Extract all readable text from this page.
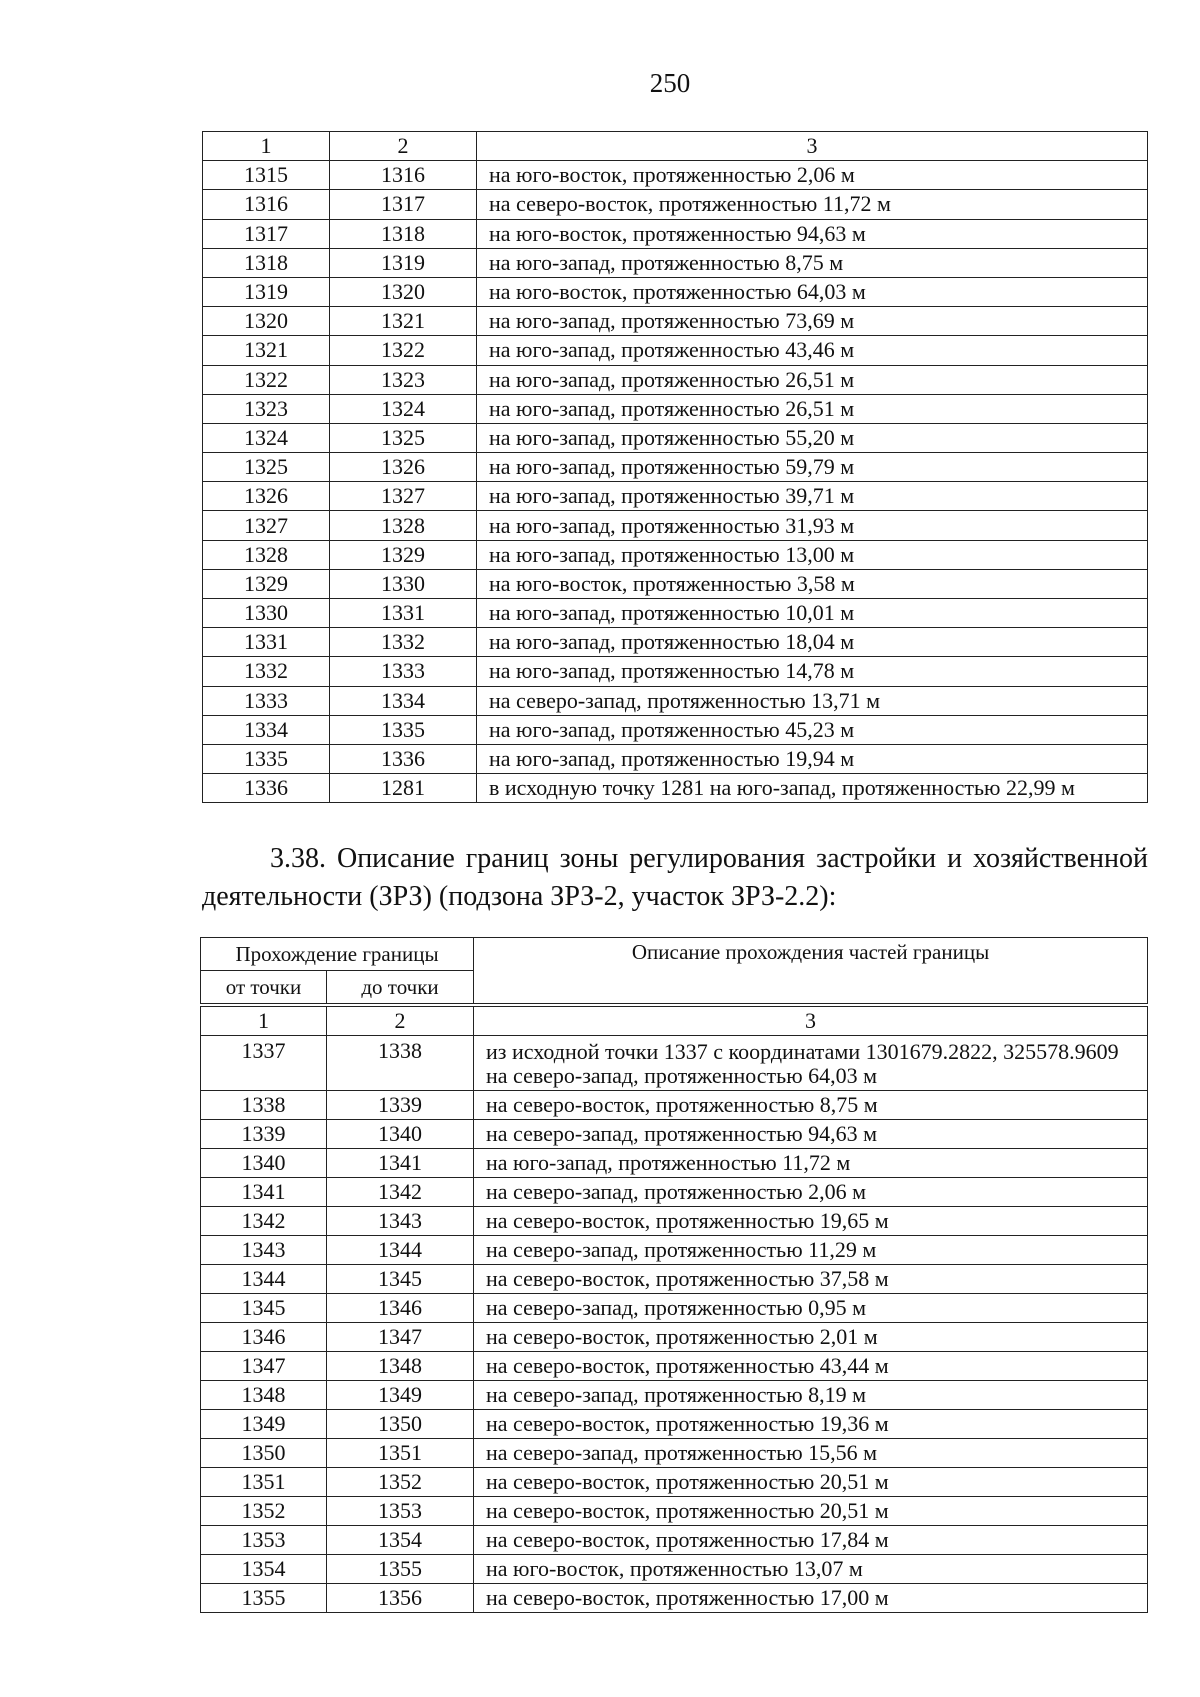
250
1	2	3
1315	1316	на юго-восток, протяженностью 2,06 м
1316	1317	на северо-восток, протяженностью 11,72 м
1317	1318	на юго-восток, протяженностью 94,63 м
1318	1319	на юго-запад, протяженностью 8,75 м
1319	1320	на юго-восток, протяженностью 64,03 м
1320	1321	на юго-запад, протяженностью 73,69 м
1321	1322	на юго-запад, протяженностью 43,46 м
1322	1323	на юго-запад, протяженностью 26,51 м
1323	1324	на юго-запад, протяженностью 26,51 м
1324	1325	на юго-запад, протяженностью 55,20 м
1325	1326	на юго-запад, протяженностью 59,79 м
1326	1327	на юго-запад, протяженностью 39,71 м
1327	1328	на юго-запад, протяженностью 31,93 м
1328	1329	на юго-запад, протяженностью 13,00 м
1329	1330	на юго-восток, протяженностью 3,58 м
1330	1331	на юго-запад, протяженностью 10,01 м
1331	1332	на юго-запад, протяженностью 18,04 м
1332	1333	на юго-запад, протяженностью 14,78 м
1333	1334	на северо-запад, протяженностью 13,71 м
1334	1335	на юго-запад, протяженностью 45,23 м
1335	1336	на юго-запад, протяженностью 19,94 м
1336	1281	в исходную точку 1281 на юго-запад, протяженностью 22,99 м
3.38. Описание границ зоны регулирования застройки и хозяйственной
деятельности (ЗРЗ) (подзона ЗРЗ-2, участок ЗРЗ-2.2):
Прохождение границы		Описание прохождения частей границы
от точки	до точки	
1	2	3
1337	1338	из исходной точки 1337 с координатами 1301679.2822, 325578.9609 на северо-запад, протяженностью 64,03 м
1338	1339	на северо-восток, протяженностью 8,75 м
1339	1340	на северо-запад, протяженностью 94,63 м
1340	1341	на юго-запад, протяженностью 11,72 м
1341	1342	на северо-запад, протяженностью 2,06 м
1342	1343	на северо-восток, протяженностью 19,65 м
1343	1344	на северо-запад, протяженностью 11,29 м
1344	1345	на северо-восток, протяженностью 37,58 м
1345	1346	на северо-запад, протяженностью 0,95 м
1346	1347	на северо-восток, протяженностью 2,01 м
1347	1348	на северо-восток, протяженностью 43,44 м
1348	1349	на северо-запад, протяженностью 8,19 м
1349	1350	на северо-восток, протяженностью 19,36 м
1350	1351	на северо-запад, протяженностью 15,56 м
1351	1352	на северо-восток, протяженностью 20,51 м
1352	1353	на северо-восток, протяженностью 20,51 м
1353	1354	на северо-восток, протяженностью 17,84 м
1354	1355	на юго-восток, протяженностью 13,07 м
1355	1356	на северо-восток, протяженностью 17,00 м
